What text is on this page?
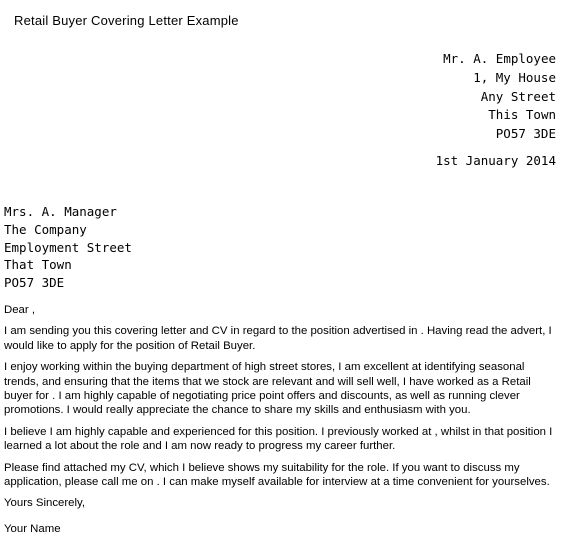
Retail Buyer Covering Letter Example
Mr. A. Employee
1, My House
Any Street
This Town
PO57 3DE
1st January 2014
Mrs. A. Manager
The Company
Employment Street
That Town
PO57 3DE

Dear ,

I am sending you this covering letter and CV in regard to the position advertised in . Having read the advert, I would like to apply for the position of Retail Buyer.

I enjoy working within the buying department of high street stores, I am excellent at identifying seasonal trends, and ensuring that the items that we stock are relevant and will sell well, I have worked as a Retail buyer for . I am highly capable of negotiating price point offers and discounts, as well as running clever promotions. I would really appreciate the chance to share my skills and enthusiasm with you.

I believe I am highly capable and experienced for this position. I previously worked at , whilst in that position I learned a lot about the role and I am now ready to progress my career further.

Please find attached my CV, which I believe shows my suitability for the role. If you want to discuss my application, please call me on . I can make myself available for interview at a time convenient for yourselves.

Yours Sincerely,

Your Name
